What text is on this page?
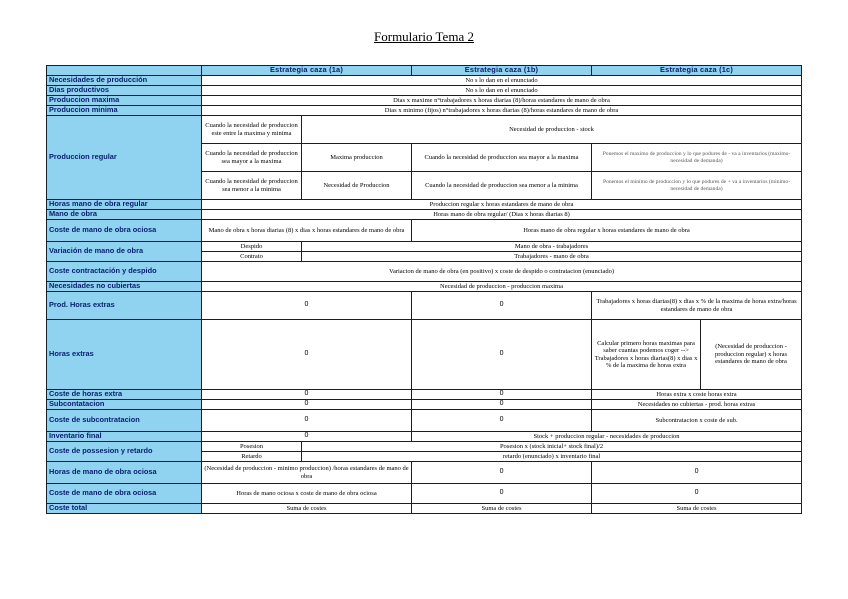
Formulario Tema 2
	Estrategia caza (1a)		Estrategia caza (1b)	Estrategia caza (1c)	
Necesidades de producción	No s lo dan en el enunciado				
Días productivos	No s lo dan en el enunciado				
Produccion maxima	Dias x maxime n°trabajadores x horas diarias (8)/horas estandares de mano de obra				
Produccion minima	Dias x minimo (fijos) n°trabajadores x horas diarias (8)/horas estandares de mano de obra				
Produccion regular	Cuando la necesidad de produccion este entre la maxima y minima	Necesidad de produccion - stock			
	Cuando la necesidad de produccion sea mayor a la maxima	Maxima produccion	Cuando la necesidad de produccion sea mayor a la maxima	Ponemos el maximo de produccion y lo que podures de - va a inventarios (maximo-necesidad de demanda)	
	Cuando la necesidad de produccion sea menor a la minima	Necesidad de Produccion	Cuando la necesidad de produccion sea menor a la minima	Ponemos el minimo de produccion y lo que podures de + va a inventarios (minimo-necesidad de demanda)	
Horas mano de obra regular	Produccion regular x horas estandares de mano de obra				
Mano de obra	Horas mano de obra regular/ (Dias x horas diarias 8)				
Coste de mano de obra ociosa	Mano de obra x horas diarias (8) x dias x horas estandares de mano de obra		Horas mano de obra regular x horas estandares de mano de obra		
Variación de mano de obra	Despido	Mano de obra - trabajadores			
	Contrato	Trabajadores - mano de obra			
Coste contractación y despido	Variacion de mano de obra (en positivo) x coste de despido o contratacion (enunciado)				
Necesidades no cubiertas	Necesidad de produccion - produccion maxima				
Prod. Horas extras	0		0	Trabajadores x horas diarias(8) x dias x % de la maxima de horas extra/horas estandares de mano de obra	
Horas extras	0		0	Calcular primero horas maximas para saber cuantas podemos coger --> Trabajadores x horas diarias(8) x dias x % de la maxima de horas extra	(Necesidad de produccion - produccion regular) x horas estandares de mano de obra
Coste de horas extra	0		0	Horas extra x coste horas extra	
Subcontatacion	0		0	Necesidades no cubiertas - prod. horas extras	
Coste de subcontratacion	0		0	Subcontratacion x coste de sub.	
Inventario final	0		Stock + produccion regular - necesidades de produccion		
Coste de possesion y retardo	Posesion	Posesion x (stock inicial+ stock final)/2			
	Retardo	retardo (enunciado) x inventario final			
Horas de mano de obra ociosa	(Necesidad de produccion - minimo produccion) /horas estandares de mano de obra		0	0	
Coste de mano de obra ociosa	Horas de mano ociosa x coste de mano de obra ociosa		0	0	
Coste total	Suma de costes		Suma de costes	Suma de costes	
